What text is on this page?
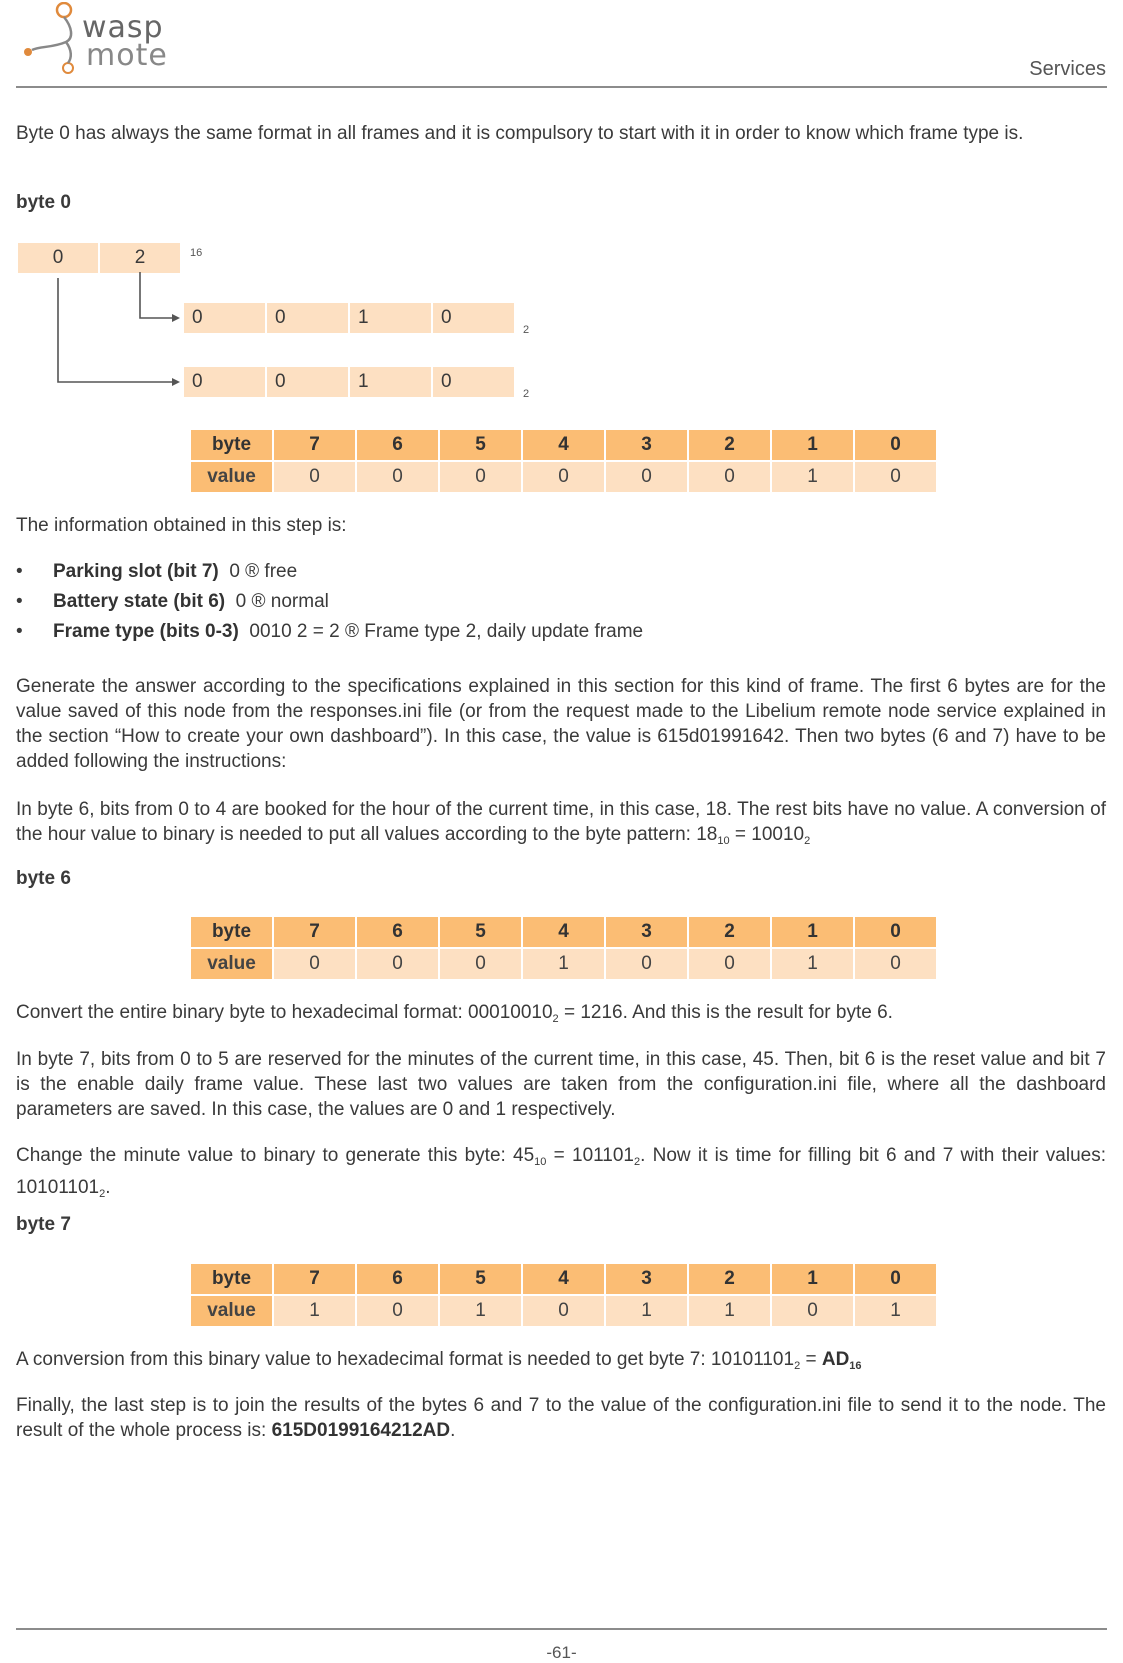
wasp
mote	Services
Byte 0 has always the same format in all frames and it is compulsory to start with it in order to know which frame type is.
byte 0
0	2	16
0	0	1	0
2
0	0	1	0
2
byte	7	6	5	4	3	2	1	0
value	0	0	0	0	0	0	1	0
The information obtained in this step is:
• Parking slot (bit 7) 0 ® free
• Battery state (bit 6) 0 ® normal
• Frame type (bits 0-3) 0010 2 = 2 ® Frame type 2, daily update frame
Generate the answer according to the specifications explained in this section for this kind of frame. The first 6 bytes are for the value saved of this node from the responses.ini file (or from the request made to the Libelium remote node service explained in the section “How to create your own dashboard”). In this case, the value is 615d01991642. Then two bytes (6 and 7) have to be added following the instructions:
In byte 6, bits from 0 to 4 are booked for the hour of the current time, in this case, 18. The rest bits have no value. A conversion of the hour value to binary is needed to put all values according to the byte pattern: $18_{10} = 10010_2$
byte 6
byte	7	6	5	4	3	2	1	0
value	0	0	0	1	0	0	1	0
Convert the entire binary byte to hexadecimal format: $00010010_2 = 1216$. And this is the result for byte 6.
In byte 7, bits from 0 to 5 are reserved for the minutes of the current time, in this case, 45. Then, bit 6 is the reset value and bit 7 is the enable daily frame value. These last two values are taken from the configuration.ini file, where all the dashboard parameters are saved. In this case, the values are 0 and 1 respectively.
Change the minute value to binary to generate this byte: $45_{10} = 101101_2$. Now it is time for filling bit 6 and 7 with their values: $10101101_2$.
byte 7
byte	7	6	5	4	3	2	1	0
value	1	0	1	0	1	1	0	1
A conversion from this binary value to hexadecimal format is needed to get byte 7: $10101101_2 = AD_{16}$
Finally, the last step is to join the results of the bytes 6 and 7 to the value of the configuration.ini file to send it to the node. The result of the whole process is: 615D0199164212AD.
-61-
